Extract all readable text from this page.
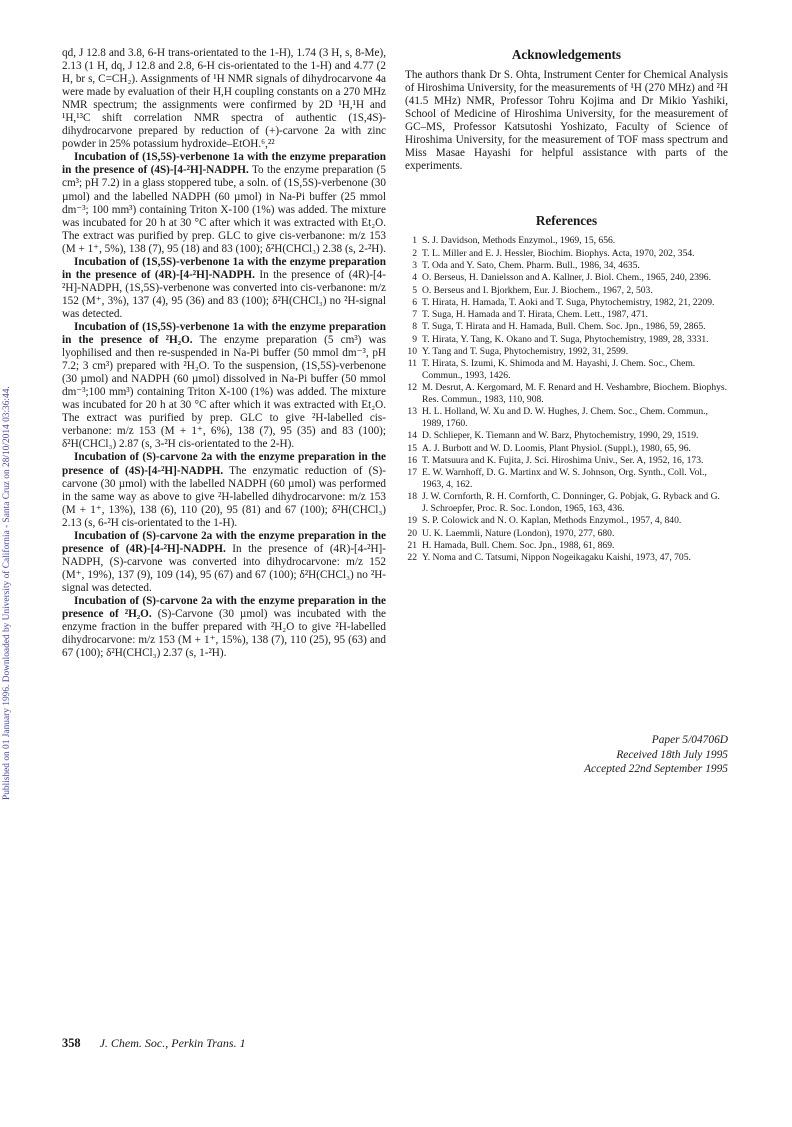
Published on 01 January 1996. Downloaded by University of California - Santa Cruz on 28/10/2014 03:36:44.

qd, J 12.8 and 3.8, 6-H trans-orientated to the 1-H), 1.74 (3 H, s, 8-Me), 2.13 (1 H, dq, J 12.8 and 2.8, 6-H cis-orientated to the 1-H) and 4.77 (2 H, br s, C=CH₂). Assignments of ¹H NMR signals of dihydrocarvone 4a were made by evaluation of their H,H coupling constants on a 270 MHz NMR spectrum; the assignments were confirmed by 2D ¹H,¹H and ¹H,¹³C shift correlation NMR spectra of authentic (1S,4S)-dihydrocarvone prepared by reduction of (+)-carvone 2a with zinc powder in 25% potassium hydroxide–EtOH.⁶,²²

Incubation of (1S,5S)-verbenone 1a with the enzyme preparation in the presence of (4S)-[4-²H]-NADPH. To the enzyme preparation (5 cm³; pH 7.2) in a glass stoppered tube, a soln. of (1S,5S)-verbenone (30 µmol) and the labelled NADPH (60 µmol) in Na-Pi buffer (25 mmol dm⁻³; 100 mm³) containing Triton X-100 (1%) was added. The mixture was incubated for 20 h at 30 °C after which it was extracted with Et₂O. The extract was purified by prep. GLC to give cis-verbanone: m/z 153 (M + 1⁺, 5%), 138 (7), 95 (18) and 83 (100); δ²H(CHCl₃) 2.38 (s, 2-²H).

Incubation of (1S,5S)-verbenone 1a with the enzyme preparation in the presence of (4R)-[4-²H]-NADPH. In the presence of (4R)-[4-²H]-NADPH, (1S,5S)-verbenone was converted into cis-verbanone: m/z 152 (M⁺, 3%), 137 (4), 95 (36) and 83 (100); δ²H(CHCl₃) no ²H-signal was detected.

Incubation of (1S,5S)-verbenone 1a with the enzyme preparation in the presence of ²H₂O. The enzyme preparation (5 cm³) was lyophilised and then re-suspended in Na-Pi buffer (50 mmol dm⁻³, pH 7.2; 3 cm³) prepared with ²H₂O. To the suspension, (1S,5S)-verbenone (30 µmol) and NADPH (60 µmol) dissolved in Na-Pi buffer (50 mmol dm⁻³;100 mm³) containing Triton X-100 (1%) was added. The mixture was incubated for 20 h at 30 °C after which it was extracted with Et₂O. The extract was purified by prep. GLC to give ²H-labelled cis-verbanone: m/z 153 (M + 1⁺, 6%), 138 (7), 95 (35) and 83 (100); δ²H(CHCl₃) 2.87 (s, 3-²H cis-orientated to the 2-H).

Incubation of (S)-carvone 2a with the enzyme preparation in the presence of (4S)-[4-²H]-NADPH. The enzymatic reduction of (S)-carvone (30 µmol) with the labelled NADPH (60 µmol) was performed in the same way as above to give ²H-labelled dihydrocarvone: m/z 153 (M + 1⁺, 13%), 138 (6), 110 (20), 95 (81) and 67 (100); δ²H(CHCl₃) 2.13 (s, 6-²H cis-orientated to the 1-H).

Incubation of (S)-carvone 2a with the enzyme preparation in the presence of (4R)-[4-²H]-NADPH. In the presence of (4R)-[4-²H]-NADPH, (S)-carvone was converted into dihydrocarvone: m/z 152 (M⁺, 19%), 137 (9), 109 (14), 95 (67) and 67 (100); δ²H(CHCl₃) no ²H-signal was detected.

Incubation of (S)-carvone 2a with the enzyme preparation in the presence of ²H₂O. (S)-Carvone (30 µmol) was incubated with the enzyme fraction in the buffer prepared with ²H₂O to give ²H-labelled dihydrocarvone: m/z 153 (M + 1⁺, 15%), 138 (7), 110 (25), 95 (63) and 67 (100); δ²H(CHCl₃) 2.37 (s, 1-²H).

Acknowledgements

The authors thank Dr S. Ohta, Instrument Center for Chemical Analysis of Hiroshima University, for the measurements of ¹H (270 MHz) and ²H (41.5 MHz) NMR, Professor Tohru Kojima and Dr Mikio Yashiki, School of Medicine of Hiroshima University, for the measurement of GC–MS, Professor Katsutoshi Yoshizato, Faculty of Science of Hiroshima University, for the measurement of TOF mass spectrum and Miss Masae Hayashi for helpful assistance with parts of the experiments.

References
1 S. J. Davidson, Methods Enzymol., 1969, 15, 656.
2 T. L. Miller and E. J. Hessler, Biochim. Biophys. Acta, 1970, 202, 354.
3 T. Oda and Y. Sato, Chem. Pharm. Bull., 1986, 34, 4635.
4 O. Berseus, H. Danielsson and A. Kallner, J. Biol. Chem., 1965, 240, 2396.
5 O. Berseus and I. Bjorkhem, Eur. J. Biochem., 1967, 2, 503.
6 T. Hirata, H. Hamada, T. Aoki and T. Suga, Phytochemistry, 1982, 21, 2209.
7 T. Suga, H. Hamada and T. Hirata, Chem. Lett., 1987, 471.
8 T. Suga, T. Hirata and H. Hamada, Bull. Chem. Soc. Jpn., 1986, 59, 2865.
9 T. Hirata, Y. Tang, K. Okano and T. Suga, Phytochemistry, 1989, 28, 3331.
10 Y. Tang and T. Suga, Phytochemistry, 1992, 31, 2599.
11 T. Hirata, S. Izumi, K. Shimoda and M. Hayashi, J. Chem. Soc., Chem. Commun., 1993, 1426.
12 M. Desrut, A. Kergomard, M. F. Renard and H. Veshambre, Biochem. Biophys. Res. Commun., 1983, 110, 908.
13 H. L. Holland, W. Xu and D. W. Hughes, J. Chem. Soc., Chem. Commun., 1989, 1760.
14 D. Schlieper, K. Tiemann and W. Barz, Phytochemistry, 1990, 29, 1519.
15 A. J. Burbott and W. D. Loomis, Plant Physiol. (Suppl.), 1980, 65, 96.
16 T. Matsuura and K. Fujita, J. Sci. Hiroshima Univ., Ser. A, 1952, 16, 173.
17 E. W. Warnhoff, D. G. Martinx and W. S. Johnson, Org. Synth., Coll. Vol., 1963, 4, 162.
18 J. W. Cornforth, R. H. Cornforth, C. Donninger, G. Pobjak, G. Ryback and G. J. Schroepfer, Proc. R. Soc. London, 1965, 163, 436.
19 S. P. Colowick and N. O. Kaplan, Methods Enzymol., 1957, 4, 840.
20 U. K. Laemmli, Nature (London), 1970, 277, 680.
21 H. Hamada, Bull. Chem. Soc. Jpn., 1988, 61, 869.
22 Y. Noma and C. Tatsumi, Nippon Nogeikagaku Kaishi, 1973, 47, 705.
Paper 5/04706D
Received 18th July 1995
Accepted 22nd September 1995
358 J. Chem. Soc., Perkin Trans. 1
